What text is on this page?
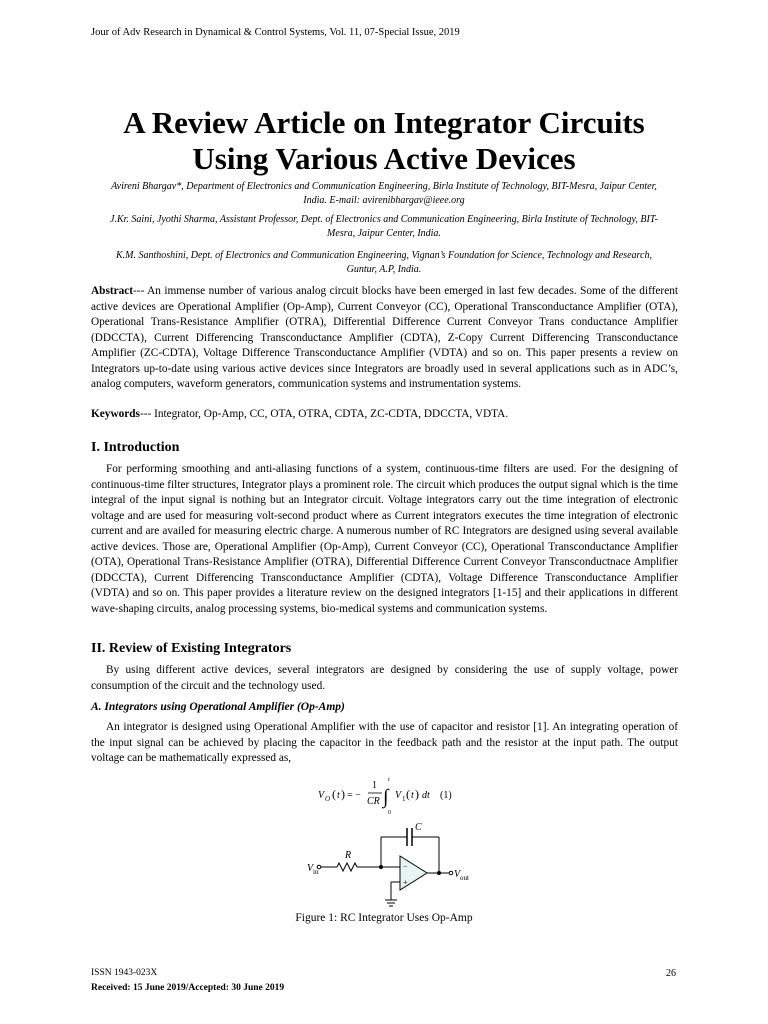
Jour of Adv Research in Dynamical & Control Systems, Vol. 11, 07-Special Issue, 2019
A Review Article on Integrator Circuits
Using Various Active Devices
Avireni Bhargav*, Department of Electronics and Communication Engineering, Birla Institute of Technology, BIT-Mesra, Jaipur Center, India. E-mail: avirenibhargav@ieee.org
J.Kr. Saini, Jyothi Sharma, Assistant Professor, Dept. of Electronics and Communication Engineering, Birla Institute of Technology, BIT-Mesra, Jaipur Center, India.
K.M. Santhoshini, Dept. of Electronics and Communication Engineering, Vignan’s Foundation for Science, Technology and Research, Guntur, A.P, India.
Abstract--- An immense number of various analog circuit blocks have been emerged in last few decades. Some of the different active devices are Operational Amplifier (Op-Amp), Current Conveyor (CC), Operational Transconductance Amplifier (OTA), Operational Trans-Resistance Amplifier (OTRA), Differential Difference Current Conveyor Trans conductance Amplifier (DDCCTA), Current Differencing Transconductance Amplifier (CDTA), Z-Copy Current Differencing Transconductance Amplifier (ZC-CDTA), Voltage Difference Transconductance Amplifier (VDTA) and so on. This paper presents a review on Integrators up-to-date using various active devices since Integrators are broadly used in several applications such as in ADC’s, analog computers, waveform generators, communication systems and instrumentation systems.
Keywords--- Integrator, Op-Amp, CC, OTA, OTRA, CDTA, ZC-CDTA, DDCCTA, VDTA.
I. Introduction
For performing smoothing and anti-aliasing functions of a system, continuous-time filters are used. For the designing of continuous-time filter structures, Integrator plays a prominent role. The circuit which produces the output signal which is the time integral of the input signal is nothing but an Integrator circuit. Voltage integrators carry out the time integration of electronic voltage and are used for measuring volt-second product where as Current integrators executes the time integration of electronic current and are availed for measuring electric charge. A numerous number of RC Integrators are designed using several available active devices. Those are, Operational Amplifier (Op-Amp), Current Conveyor (CC), Operational Transconductance Amplifier (OTA), Operational Trans-Resistance Amplifier (OTRA), Differential Difference Current Conveyor Transconductnace Amplifier (DDCCTA), Current Differencing Transconductance Amplifier (CDTA), Voltage Difference Transconductance Amplifier (VDTA) and so on. This paper provides a literature review on the designed integrators [1-15] and their applications in different wave-shaping circuits, analog processing systems, bio-medical systems and communication systems.
II. Review of Existing Integrators
By using different active devices, several integrators are designed by considering the use of supply voltage, power consumption of the circuit and the technology used.
A. Integrators using Operational Amplifier (Op-Amp)
An integrator is designed using Operational Amplifier with the use of capacitor and resistor [1]. An integrating operation of the input signal can be achieved by placing the capacitor in the feedback path and the resistor at the input path. The output voltage can be mathematically expressed as,
V O ( t ) = −
1
CR
t
∫
0
V 1 ( t ) dt (1)
C
R
V in	V out
−
+
Figure 1: RC Integrator Uses Op-Amp
ISSN 1943-023X
Received: 15 June 2019/Accepted: 30 June 2019
26
